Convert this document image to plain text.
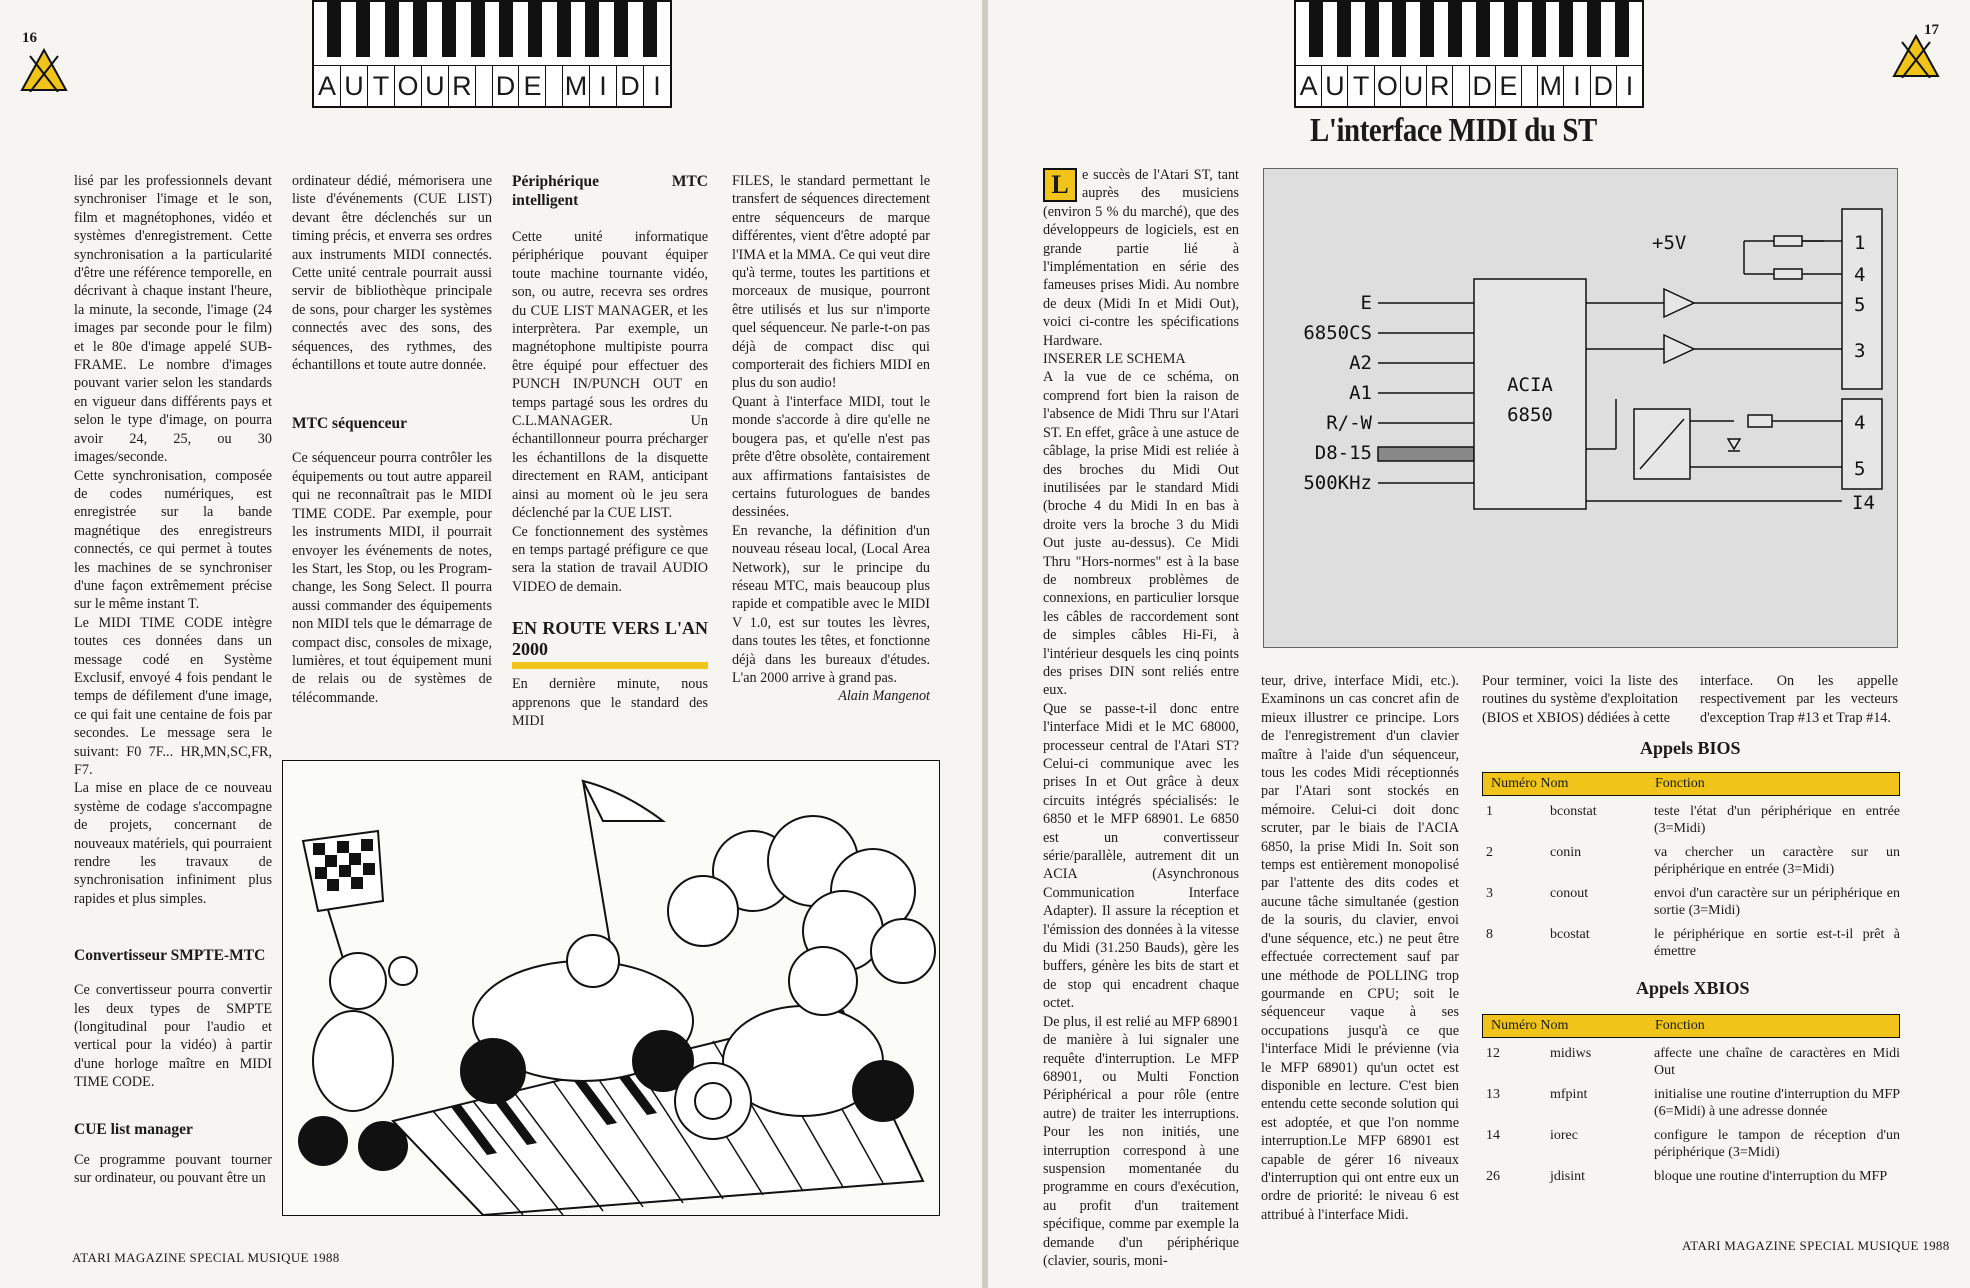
16
A U T O U R D E M I D I

lisé par les professionnels devant synchroniser l'image et le son, film et magnétophones, vidéo et systèmes d'enregistrement. Cette synchronisation a la particularité d'être une référence temporelle, en décrivant à chaque instant l'heure, la minute, la seconde, l'image (24 images par seconde pour le film) et le 80e d'image appelé SUB-FRAME. Le nombre d'images pouvant varier selon les standards en vigueur dans différents pays et selon le type d'image, on pourra avoir 24, 25, ou 30 images/seconde.

Cette synchronisation, composée de codes numériques, est enregistrée sur la bande magnétique des enregistreurs connectés, ce qui permet à toutes les machines de se synchroniser d'une façon extrêmement précise sur le même instant T.

Le MIDI TIME CODE intègre toutes ces données dans un message codé en Système Exclusif, envoyé 4 fois pendant le temps de défilement d'une image, ce qui fait une centaine de fois par secondes. Le message sera le suivant: F0 7F... HR,MN,SC,FR, F7.

La mise en place de ce nouveau système de codage s'accompagne de projets, concernant de nouveaux matériels, qui pourraient rendre les travaux de synchronisation infiniment plus rapides et plus simples.

Convertisseur SMPTE-MTC

Ce convertisseur pourra convertir les deux types de SMPTE (longitudinal pour l'audio et vertical pour la vidéo) à partir d'une horloge maître en MIDI TIME CODE.

CUE list manager

Ce programme pouvant tourner sur ordinateur, ou pouvant être un

ordinateur dédié, mémorisera une liste d'événements (CUE LIST) devant être déclenchés sur un timing précis, et enverra ses ordres aux instruments MIDI connectés. Cette unité centrale pourrait aussi servir de bibliothèque principale de sons, pour charger les systèmes connectés avec des sons, des séquences, des rythmes, des échantillons et toute autre donnée.

MTC séquenceur

Ce séquenceur pourra contrôler les équipements ou tout autre appareil qui ne reconnaîtrait pas le MIDI TIME CODE. Par exemple, pour les instruments MIDI, il pourrait envoyer les événements de notes, les Start, les Stop, ou les Program-change, les Song Select. Il pourra aussi commander des équipements non MIDI tels que le démarrage de compact disc, consoles de mixage, lumières, et tout équipement muni de relais ou de systèmes de télécommande.

Périphérique MTC intelligent

Cette unité informatique périphérique pouvant équiper toute machine tournante vidéo, son, ou autre, recevra ses ordres du CUE LIST MANAGER, et les interprètera. Par exemple, un magnétophone multipiste pourra être équipé pour effectuer des PUNCH IN/PUNCH OUT en temps partagé sous les ordres du C.L.MANAGER. Un échantillonneur pourra précharger les échantillons de la disquette directement en RAM, anticipant ainsi au moment où le jeu sera déclenché par la CUE LIST.

Ce fonctionnement des systèmes en temps partagé préfigure ce que sera la station de travail AUDIO VIDEO de demain.

EN ROUTE VERS L'AN 2000

En dernière minute, nous apprenons que le standard des MIDI

FILES, le standard permettant le transfert de séquences directement entre séquenceurs de marque différentes, vient d'être adopté par l'IMA et la MMA. Ce qui veut dire qu'à terme, toutes les partitions et morceaux de musique, pourront être utilisés et lus sur n'importe quel séquenceur. Ne parle-t-on pas déjà de compact disc qui comporterait des fichiers MIDI en plus du son audio!

Quant à l'interface MIDI, tout le monde s'accorde à dire qu'elle ne bougera pas, et qu'elle n'est pas prête d'être obsolète, contairement aux affirmations fantaisistes de certains futurologues de bandes dessinées.

En revanche, la définition d'un nouveau réseau local, (Local Area Network), sur le principe du réseau MTC, mais beaucoup plus rapide et compatible avec le MIDI V 1.0, est sur toutes les lèvres, dans toutes les têtes, et fonctionne déjà dans les bureaux d'études. L'an 2000 arrive à grand pas.

Alain Mangenot

ATARI MAGAZINE SPECIAL MUSIQUE 1988
A U T O U R D E M I D I
17
L'interface MIDI du ST

L e succès de l'Atari ST, tant auprès des musiciens (environ 5 % du marché), que des développeurs de logiciels, est en grande partie lié à l'implémentation en série des fameuses prises Midi. Au nombre de deux (Midi In et Midi Out), voici ci-contre les spécifications Hardware.

INSERER LE SCHEMA

A la vue de ce schéma, on comprend fort bien la raison de l'absence de Midi Thru sur l'Atari ST. En effet, grâce à une astuce de câblage, la prise Midi est reliée à des broches du Midi Out inutilisées par le standard Midi (broche 4 du Midi In en bas à droite vers la broche 3 du Midi Out juste au-dessus). Ce Midi Thru "Hors-normes" est à la base de nombreux problèmes de connexions, en particulier lorsque les câbles de raccordement sont de simples câbles Hi-Fi, à l'intérieur desquels les cinq points des prises DIN sont reliés entre eux.

Que se passe-t-il donc entre l'interface Midi et le MC 68000, processeur central de l'Atari ST? Celui-ci communique avec les prises In et Out grâce à deux circuits intégrés spécialisés: le 6850 et le MFP 68901. Le 6850 est un convertisseur série/parallèle, autrement dit un ACIA (Asynchronous Communication Interface Adapter). Il assure la réception et l'émission des données à la vitesse du Midi (31.250 Bauds), gère les buffers, génère les bits de start et de stop qui encadrent chaque octet.

De plus, il est relié au MFP 68901 de manière à lui signaler une requête d'interruption. Le MFP 68901, ou Multi Fonction Périphérical a pour rôle (entre autre) de traiter les interruptions. Pour les non initiés, une interruption correspond à une suspension momentanée du programme en cours d'exécution, au profit d'un traitement spécifique, comme par exemple la demande d'un périphérique (clavier, souris, moni-

E
6850CS
A2
A1
R/-W
D8-15
500KHz
ACIA
6850
+5V	1
4
5
3
4
5
I4

teur, drive, interface Midi, etc.). Examinons un cas concret afin de mieux illustrer ce principe. Lors de l'enregistrement d'un clavier maître à l'aide d'un séquenceur, tous les codes Midi réceptionnés par l'Atari sont stockés en mémoire. Celui-ci doit donc scruter, par le biais de l'ACIA 6850, la prise Midi In. Soit son temps est entièrement monopolisé par l'attente des dits codes et aucune tâche simultanée (gestion de la souris, du clavier, envoi d'une séquence, etc.) ne peut être effectuée correctement sauf par une méthode de POLLING trop gourmande en CPU; soit le séquenceur vaque à ses occupations jusqu'à ce que l'interface Midi le prévienne (via le MFP 68901) qu'un octet est disponible en lecture. C'est bien entendu cette seconde solution qui est adoptée, et que l'on nomme interruption.Le MFP 68901 est capable de gérer 16 niveaux d'interruption qui ont entre eux un ordre de priorité: le niveau 6 est attribué à l'interface Midi.

Pour terminer, voici la liste des routines du système d'exploitation (BIOS et XBIOS) dédiées à cette

interface. On les appelle respectivement par les vecteurs d'exception Trap #13 et Trap #14.

Appels BIOS
Numéro Nom	Fonction
1	bconstat	teste l'état d'un périphérique en entrée (3=Midi)
2	conin	va chercher un caractère sur un périphérique en entrée (3=Midi)
3	conout	envoi d'un caractère sur un périphérique en sortie (3=Midi)
8	bcostat	le périphérique en sortie est-t-il prêt à émettre
Appels XBIOS
Numéro Nom	Fonction
12	midiws	affecte une chaîne de caractères en Midi Out
13	mfpint	initialise une routine d'interruption du MFP (6=Midi) à une adresse donnée
14	iorec	configure le tampon de réception d'un périphérique (3=Midi)
26	jdisint	bloque une routine d'interruption du MFP
ATARI MAGAZINE SPECIAL MUSIQUE 1988
